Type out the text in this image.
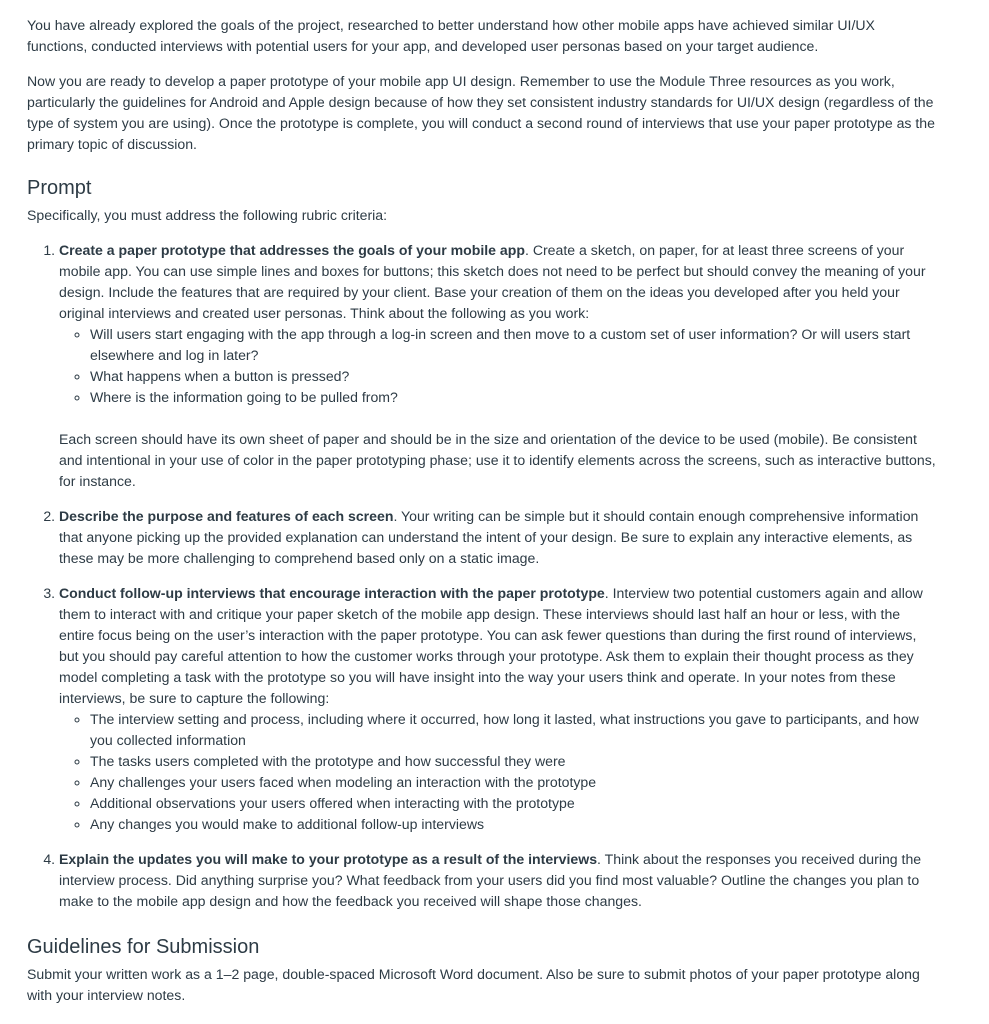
You have already explored the goals of the project, researched to better understand how other mobile apps have achieved similar UI/UX functions, conducted interviews with potential users for your app, and developed user personas based on your target audience.

Now you are ready to develop a paper prototype of your mobile app UI design. Remember to use the Module Three resources as you work, particularly the guidelines for Android and Apple design because of how they set consistent industry standards for UI/UX design (regardless of the type of system you are using). Once the prototype is complete, you will conduct a second round of interviews that use your paper prototype as the primary topic of discussion.

Prompt

Specifically, you must address the following rubric criteria:

1. Create a paper prototype that addresses the goals of your mobile app. Create a sketch, on paper, for at least three screens of your mobile app. You can use simple lines and boxes for buttons; this sketch does not need to be perfect but should convey the meaning of your design. Include the features that are required by your client. Base your creation of them on the ideas you developed after you held your original interviews and created user personas. Think about the following as you work:
◦ Will users start engaging with the app through a log-in screen and then move to a custom set of user information? Or will users start elsewhere and log in later?
◦ What happens when a button is pressed?
◦ Where is the information going to be pulled from?

Each screen should have its own sheet of paper and should be in the size and orientation of the device to be used (mobile). Be consistent and intentional in your use of color in the paper prototyping phase; use it to identify elements across the screens, such as interactive buttons, for instance.

2. Describe the purpose and features of each screen. Your writing can be simple but it should contain enough comprehensive information that anyone picking up the provided explanation can understand the intent of your design. Be sure to explain any interactive elements, as these may be more challenging to comprehend based only on a static image.
3. Conduct follow-up interviews that encourage interaction with the paper prototype. Interview two potential customers again and allow them to interact with and critique your paper sketch of the mobile app design. These interviews should last half an hour or less, with the entire focus being on the user’s interaction with the paper prototype. You can ask fewer questions than during the first round of interviews, but you should pay careful attention to how the customer works through your prototype. Ask them to explain their thought process as they model completing a task with the prototype so you will have insight into the way your users think and operate. In your notes from these interviews, be sure to capture the following:
◦ The interview setting and process, including where it occurred, how long it lasted, what instructions you gave to participants, and how you collected information
◦ The tasks users completed with the prototype and how successful they were
◦ Any challenges your users faced when modeling an interaction with the prototype
◦ Additional observations your users offered when interacting with the prototype
◦ Any changes you would make to additional follow-up interviews
4. Explain the updates you will make to your prototype as a result of the interviews. Think about the responses you received during the interview process. Did anything surprise you? What feedback from your users did you find most valuable? Outline the changes you plan to make to the mobile app design and how the feedback you received will shape those changes.
Guidelines for Submission

Submit your written work as a 1–2 page, double-spaced Microsoft Word document. Also be sure to submit photos of your paper prototype along with your interview notes.
